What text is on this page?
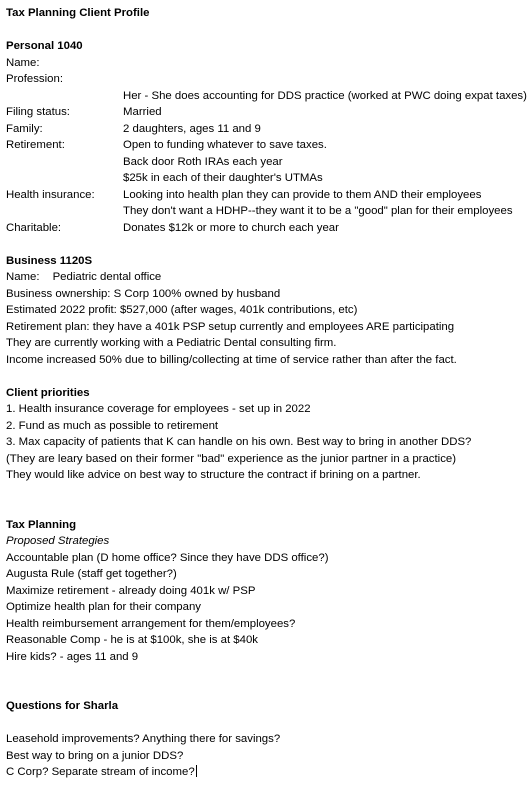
Tax Planning Client Profile
Personal 1040
Name:
Profession:
Her - She does accounting for DDS practice (worked at PWC doing expat taxes)
Filing status:	Married
Family:	2 daughters, ages 11 and 9
Retirement:	Open to funding whatever to save taxes.
Back door Roth IRAs each year
$25k in each of their daughter's UTMAs
Health insurance: Looking into health plan they can provide to them AND their employees
They don't want a HDHP--they want it to be a "good" plan for their employees
Charitable:	Donates $12k or more to church each year
Business 1120S
Name: Pediatric dental office
Business ownership: S Corp 100% owned by husband
Estimated 2022 profit: $527,000 (after wages, 401k contributions, etc)
Retirement plan: they have a 401k PSP setup currently and employees ARE participating
They are currently working with a Pediatric Dental consulting firm.
Income increased 50% due to billing/collecting at time of service rather than after the fact.
Client priorities
1. Health insurance coverage for employees - set up in 2022
2. Fund as much as possible to retirement
3. Max capacity of patients that K can handle on his own. Best way to bring in another DDS?
(They are leary based on their former "bad" experience as the junior partner in a practice)
They would like advice on best way to structure the contract if brining on a partner.
Tax Planning
Proposed Strategies
Accountable plan (D home office? Since they have DDS office?)
Augusta Rule (staff get together?)
Maximize retirement - already doing 401k w/ PSP
Optimize health plan for their company
Health reimbursement arrangement for them/employees?
Reasonable Comp - he is at $100k, she is at $40k
Hire kids? - ages 11 and 9
Questions for Sharla
Leasehold improvements? Anything there for savings?
Best way to bring on a junior DDS?
C Corp? Separate stream of income?
